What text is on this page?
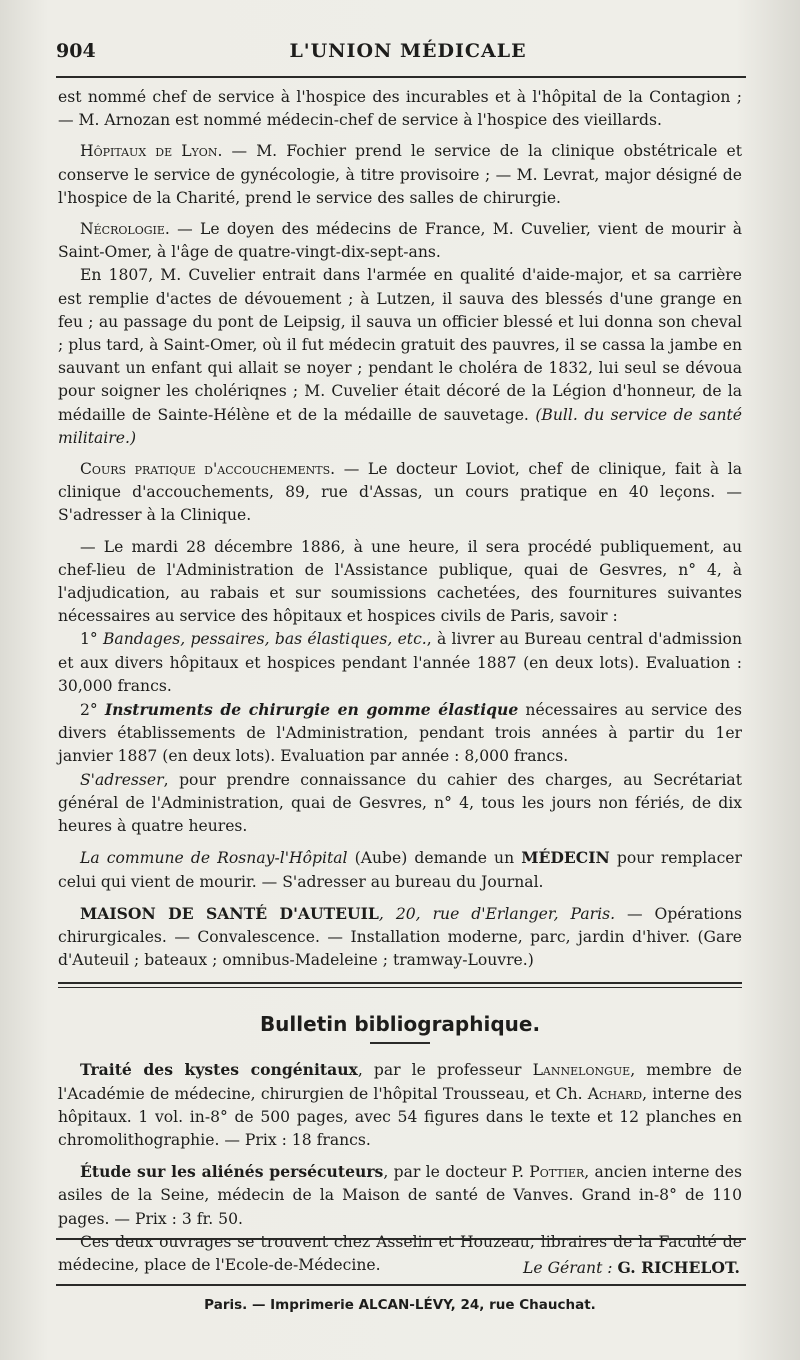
904	L'UNION MÉDICALE

est nommé chef de service à l'hospice des incurables et à l'hôpital de la Contagion ; — M. Arnozan est nommé médecin-chef de service à l'hospice des vieillards.

Hôpitaux de Lyon. — M. Fochier prend le service de la clinique obstétricale et conserve le service de gynécologie, à titre provisoire ; — M. Levrat, major désigné de l'hospice de la Charité, prend le service des salles de chirurgie.

Nécrologie. — Le doyen des médecins de France, M. Cuvelier, vient de mourir à Saint-Omer, à l'âge de quatre-vingt-dix-sept-ans.

En 1807, M. Cuvelier entrait dans l'armée en qualité d'aide-major, et sa carrière est remplie d'actes de dévouement ; à Lutzen, il sauva des blessés d'une grange en feu ; au passage du pont de Leipsig, il sauva un officier blessé et lui donna son cheval ; plus tard, à Saint-Omer, où il fut médecin gratuit des pauvres, il se cassa la jambe en sauvant un enfant qui allait se noyer ; pendant le choléra de 1832, lui seul se dévoua pour soigner les cholériqnes ; M. Cuvelier était décoré de la Légion d'honneur, de la médaille de Sainte-Hélène et de la médaille de sauvetage. (Bull. du service de santé militaire.)

Cours pratique d'accouchements. — Le docteur Loviot, chef de clinique, fait à la clinique d'accouchements, 89, rue d'Assas, un cours pratique en 40 leçons. — S'adresser à la Clinique.

— Le mardi 28 décembre 1886, à une heure, il sera procédé publiquement, au chef-lieu de l'Administration de l'Assistance publique, quai de Gesvres, n° 4, à l'adjudication, au rabais et sur soumissions cachetées, des fournitures suivantes nécessaires au service des hôpitaux et hospices civils de Paris, savoir :

1° Bandages, pessaires, bas élastiques, etc., à livrer au Bureau central d'admission et aux divers hôpitaux et hospices pendant l'année 1887 (en deux lots). Evaluation : 30,000 francs.

2° Instruments de chirurgie en gomme élastique nécessaires au service des divers établissements de l'Administration, pendant trois années à partir du 1er janvier 1887 (en deux lots). Evaluation par année : 8,000 francs.

S'adresser, pour prendre connaissance du cahier des charges, au Secrétariat général de l'Administration, quai de Gesvres, n° 4, tous les jours non fériés, de dix heures à quatre heures.

La commune de Rosnay-l'Hôpital (Aube) demande un MÉDECIN pour remplacer celui qui vient de mourir. — S'adresser au bureau du Journal.

MAISON DE SANTÉ D'AUTEUIL, 20, rue d'Erlanger, Paris. — Opérations chirurgicales. — Convalescence. — Installation moderne, parc, jardin d'hiver. (Gare d'Auteuil ; bateaux ; omnibus-Madeleine ; tramway-Louvre.)

Bulletin bibliographique.

Traité des kystes congénitaux, par le professeur Lannelongue, membre de l'Académie de médecine, chirurgien de l'hôpital Trousseau, et Ch. Achard, interne des hôpitaux. 1 vol. in-8° de 500 pages, avec 54 figures dans le texte et 12 planches en chromolithographie. — Prix : 18 francs.

Étude sur les aliénés persécuteurs, par le docteur P. Pottier, ancien interne des asiles de la Seine, médecin de la Maison de santé de Vanves. Grand in-8° de 110 pages. — Prix : 3 fr. 50.

Ces deux ouvrages se trouvent chez Asselin et Houzeau, libraires de la Faculté de médecine, place de l'Ecole-de-Médecine.	Le Gérant : G. RICHELOT.
Paris. — Imprimerie ALCAN-LÉVY, 24, rue Chauchat.
